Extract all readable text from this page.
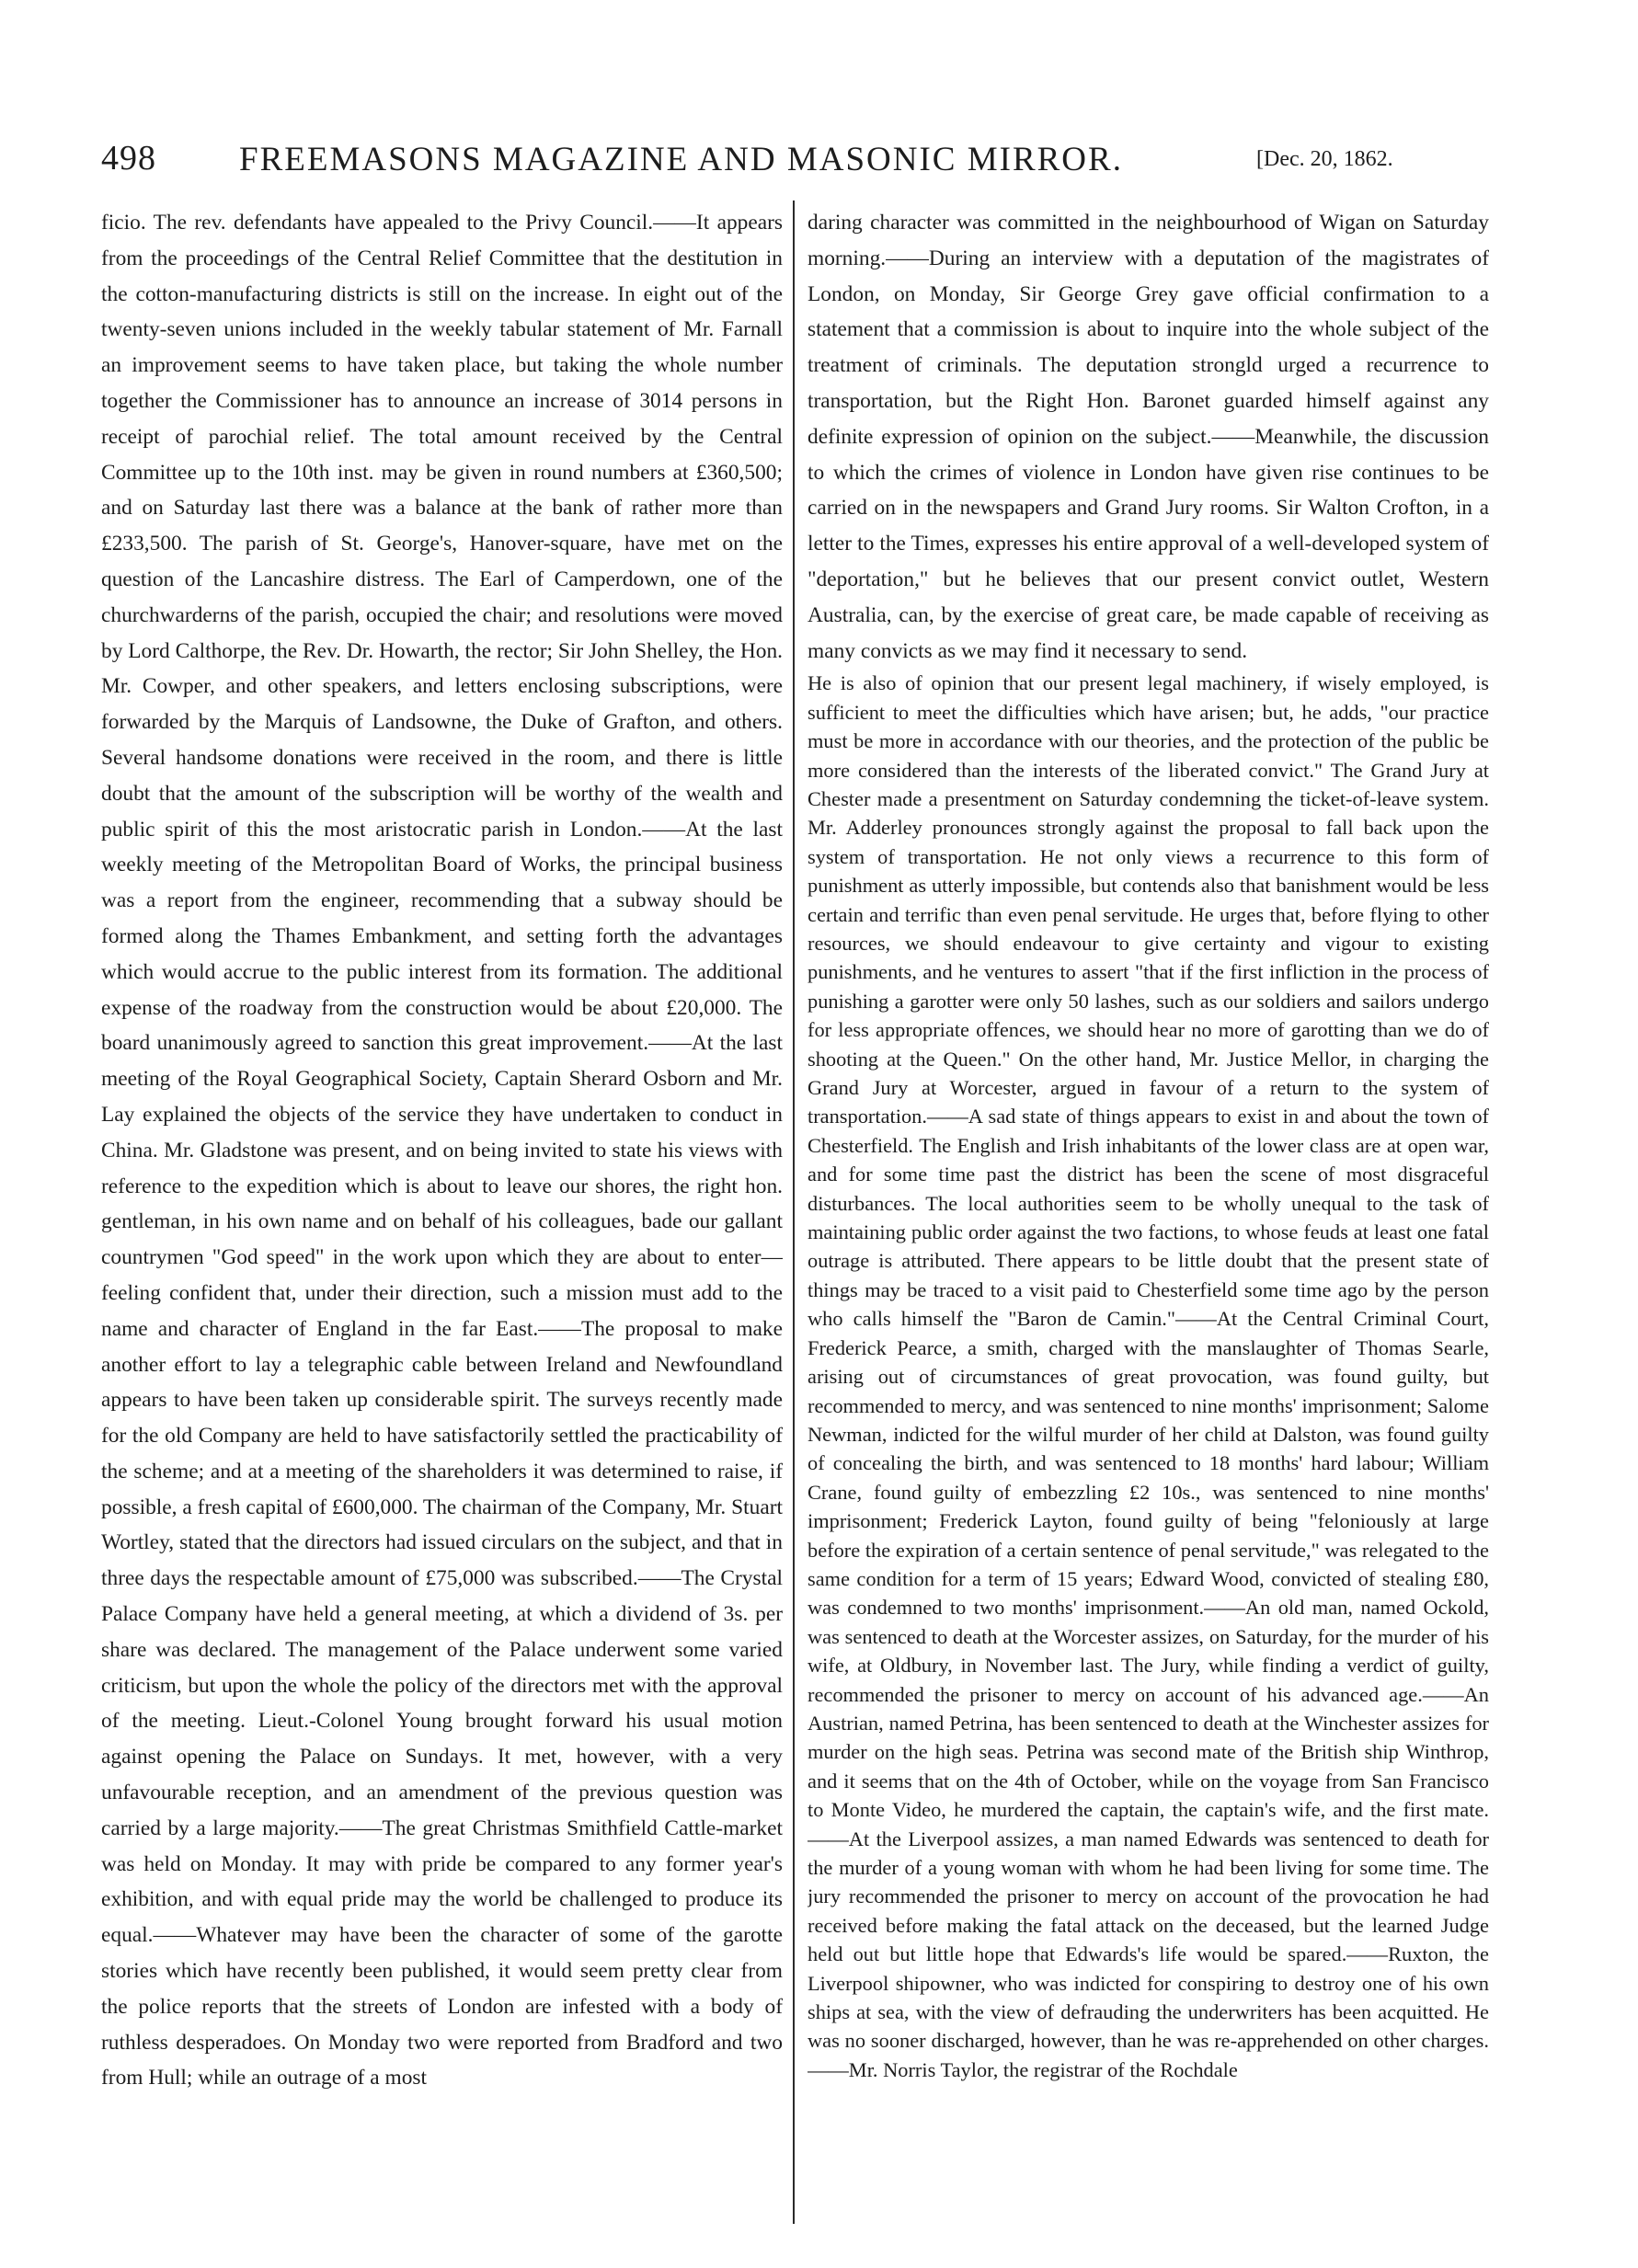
498 FREEMASONS MAGAZINE AND MASONIC MIRROR.	[Dec. 20, 1862.

ficio. The rev. defendants have appealed to the Privy Council.——It appears from the proceedings of the Central Relief Committee that the destitution in the cotton-manufacturing districts is still on the increase. In eight out of the twenty-seven unions included in the weekly tabular statement of Mr. Farnall an improvement seems to have taken place, but taking the whole number together the Commissioner has to announce an increase of 3014 persons in receipt of parochial relief. The total amount received by the Central Committee up to the 10th inst. may be given in round numbers at £360,500; and on Saturday last there was a balance at the bank of rather more than £233,500. The parish of St. George's, Hanover-square, have met on the question of the Lancashire distress. The Earl of Camperdown, one of the churchwarderns of the parish, occupied the chair; and resolutions were moved by Lord Calthorpe, the Rev. Dr. Howarth, the rector; Sir John Shelley, the Hon. Mr. Cowper, and other speakers, and letters enclosing subscriptions, were forwarded by the Marquis of Landsowne, the Duke of Grafton, and others. Several handsome donations were received in the room, and there is little doubt that the amount of the subscription will be worthy of the wealth and public spirit of this the most aristocratic parish in London.——At the last weekly meeting of the Metropolitan Board of Works, the principal business was a report from the engineer, recommending that a subway should be formed along the Thames Embankment, and setting forth the advantages which would accrue to the public interest from its formation. The additional expense of the roadway from the construction would be about £20,000. The board unanimously agreed to sanction this great improvement.——At the last meeting of the Royal Geographical Society, Captain Sherard Osborn and Mr. Lay explained the objects of the service they have undertaken to conduct in China. Mr. Gladstone was present, and on being invited to state his views with reference to the expedition which is about to leave our shores, the right hon. gentleman, in his own name and on behalf of his colleagues, bade our gallant countrymen "God speed" in the work upon which they are about to enter—feeling confident that, under their direction, such a mission must add to the name and character of England in the far East.——The proposal to make another effort to lay a telegraphic cable between Ireland and Newfoundland appears to have been taken up considerable spirit. The surveys recently made for the old Company are held to have satisfactorily settled the practicability of the scheme; and at a meeting of the shareholders it was determined to raise, if possible, a fresh capital of £600,000. The chairman of the Company, Mr. Stuart Wortley, stated that the directors had issued circulars on the subject, and that in three days the respectable amount of £75,000 was subscribed.——The Crystal Palace Company have held a general meeting, at which a dividend of 3s. per share was declared. The management of the Palace underwent some varied criticism, but upon the whole the policy of the directors met with the approval of the meeting. Lieut.-Colonel Young brought forward his usual motion against opening the Palace on Sundays. It met, however, with a very unfavourable reception, and an amendment of the previous question was carried by a large majority.——The great Christmas Smithfield Cattle-market was held on Monday. It may with pride be compared to any former year's exhibition, and with equal pride may the world be challenged to produce its equal.——Whatever may have been the character of some of the garotte stories which have recently been published, it would seem pretty clear from the police reports that the streets of London are infested with a body of ruthless desperadoes. On Monday two were reported from Bradford and two from Hull; while an outrage of a most

daring character was committed in the neighbourhood of Wigan on Saturday morning.——During an interview with a deputation of the magistrates of London, on Monday, Sir George Grey gave official confirmation to a statement that a commission is about to inquire into the whole subject of the treatment of criminals. The deputation strongld urged a recurrence to transportation, but the Right Hon. Baronet guarded himself against any definite expression of opinion on the subject.——Meanwhile, the discussion to which the crimes of violence in London have given rise continues to be carried on in the newspapers and Grand Jury rooms. Sir Walton Crofton, in a letter to the Times, expresses his entire approval of a well-developed system of "deportation," but he believes that our present convict outlet, Western Australia, can, by the exercise of great care, be made capable of receiving as many convicts as we may find it necessary to send.

He is also of opinion that our present legal machinery, if wisely employed, is sufficient to meet the difficulties which have arisen; but, he adds, "our practice must be more in accordance with our theories, and the protection of the public be more considered than the interests of the liberated convict." The Grand Jury at Chester made a presentment on Saturday condemning the ticket-of-leave system. Mr. Adderley pronounces strongly against the proposal to fall back upon the system of transportation. He not only views a recurrence to this form of punishment as utterly impossible, but contends also that banishment would be less certain and terrific than even penal servitude. He urges that, before flying to other resources, we should endeavour to give certainty and vigour to existing punishments, and he ventures to assert "that if the first infliction in the process of punishing a garotter were only 50 lashes, such as our soldiers and sailors undergo for less appropriate offences, we should hear no more of garotting than we do of shooting at the Queen." On the other hand, Mr. Justice Mellor, in charging the Grand Jury at Worcester, argued in favour of a return to the system of transportation.——A sad state of things appears to exist in and about the town of Chesterfield. The English and Irish inhabitants of the lower class are at open war, and for some time past the district has been the scene of most disgraceful disturbances. The local authorities seem to be wholly unequal to the task of maintaining public order against the two factions, to whose feuds at least one fatal outrage is attributed. There appears to be little doubt that the present state of things may be traced to a visit paid to Chesterfield some time ago by the person who calls himself the "Baron de Camin."——At the Central Criminal Court, Frederick Pearce, a smith, charged with the manslaughter of Thomas Searle, arising out of circumstances of great provocation, was found guilty, but recommended to mercy, and was sentenced to nine months' imprisonment; Salome Newman, indicted for the wilful murder of her child at Dalston, was found guilty of concealing the birth, and was sentenced to 18 months' hard labour; William Crane, found guilty of embezzling £2 10s., was sentenced to nine months' imprisonment; Frederick Layton, found guilty of being "feloniously at large before the expiration of a certain sentence of penal servitude," was relegated to the same condition for a term of 15 years; Edward Wood, convicted of stealing £80, was condemned to two months' imprisonment.——An old man, named Ockold, was sentenced to death at the Worcester assizes, on Saturday, for the murder of his wife, at Oldbury, in November last. The Jury, while finding a verdict of guilty, recommended the prisoner to mercy on account of his advanced age.——An Austrian, named Petrina, has been sentenced to death at the Winchester assizes for murder on the high seas. Petrina was second mate of the British ship Winthrop, and it seems that on the 4th of October, while on the voyage from San Francisco to Monte Video, he murdered the captain, the captain's wife, and the first mate.——At the Liverpool assizes, a man named Edwards was sentenced to death for the murder of a young woman with whom he had been living for some time. The jury recommended the prisoner to mercy on account of the provocation he had received before making the fatal attack on the deceased, but the learned Judge held out but little hope that Edwards's life would be spared.——Ruxton, the Liverpool shipowner, who was indicted for conspiring to destroy one of his own ships at sea, with the view of defrauding the underwriters has been acquitted. He was no sooner discharged, however, than he was re-apprehended on other charges.——Mr. Norris Taylor, the registrar of the Rochdale
